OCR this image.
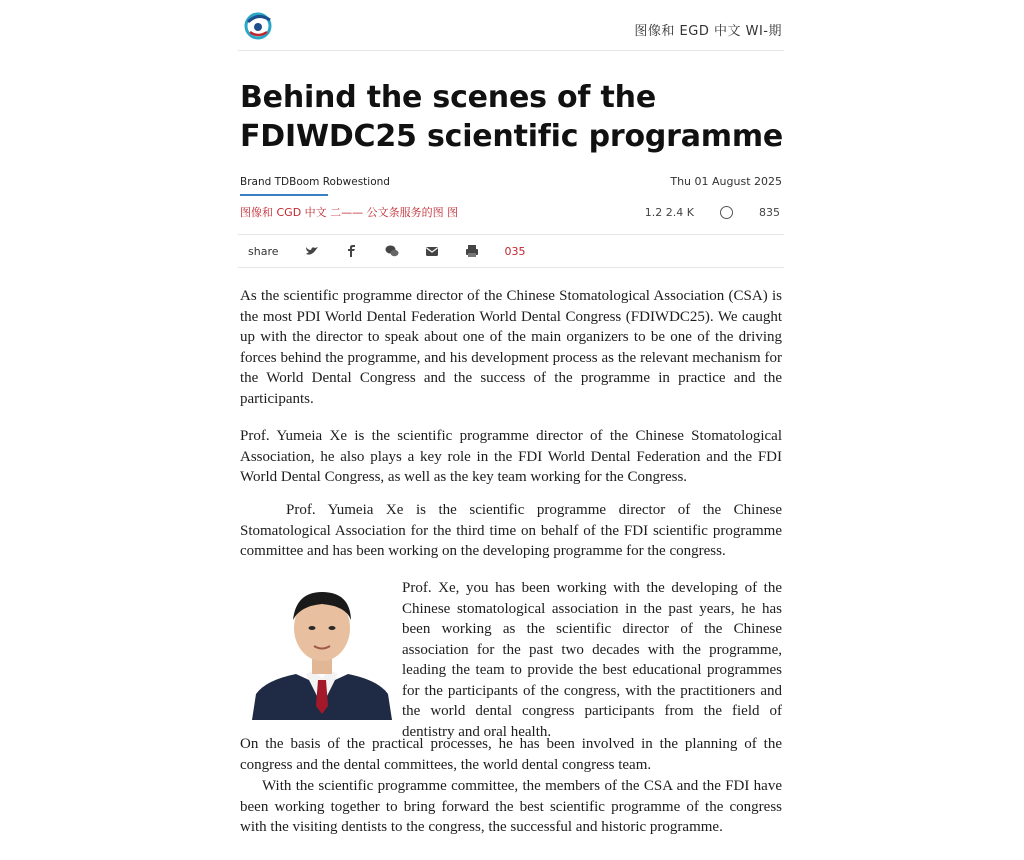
图像和 EGD 中文 WI-期
Behind the scenes of the FDIWDC25 scientific programme
Brand TDBoom Robwestiond	Thu 01 August 2025
图像和 CGD 中文 二—— 公文条服务的图 图	1.2 2.4 K	835
share	035

As the scientific programme director of the Chinese Stomatological Association (CSA) is the most PDI World Dental Federation World Dental Congress (FDIWDC25). We caught up with the director to speak about one of the main organizers to be one of the driving forces behind the programme, and his development process as the relevant mechanism for the World Dental Congress and the success of the programme in practice and the participants.

Prof. Yumeia Xe is the scientific programme director of the Chinese Stomatological Association, he also plays a key role in the FDI World Dental Federation and the FDI World Dental Congress, as well as the key team working for the Congress.

Prof. Yumeia Xe is the scientific programme director of the Chinese Stomatological Association for the third time on behalf of the FDI scientific programme committee and has been working on the developing programme for the congress.

Prof. Xe, you has been working with the developing of the Chinese stomatological association in the past years, he has been working as the scientific director of the Chinese association for the past two decades with the programme, leading the team to provide the best educational programmes for the participants of the congress, with the practitioners and the world dental congress participants from the field of dentistry and oral health.

On the basis of the practical processes, he has been involved in the planning of the congress and the dental committees, the world dental congress team.

With the scientific programme committee, the members of the CSA and the FDI have been working together to bring forward the best scientific programme of the congress with the visiting dentists to the congress, the successful and historic programme.
